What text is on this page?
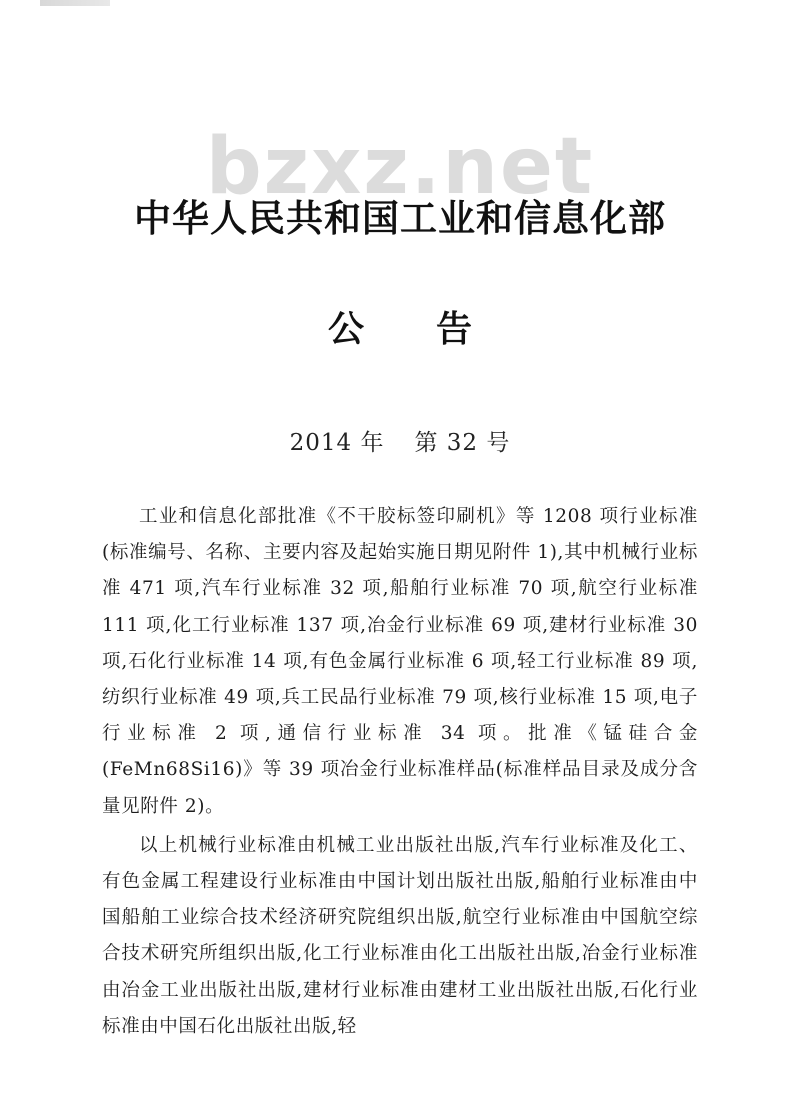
bzxz.net
中华人民共和国工业和信息化部
公告
2014 年 第 32 号

工业和信息化部批准《不干胶标签印刷机》等 1208 项行业标准(标准编号、名称、主要内容及起始实施日期见附件 1),其中机械行业标准 471 项,汽车行业标准 32 项,船舶行业标准 70 项,航空行业标准 111 项,化工行业标准 137 项,冶金行业标准 69 项,建材行业标准 30 项,石化行业标准 14 项,有色金属行业标准 6 项,轻工行业标准 89 项,纺织行业标准 49 项,兵工民品行业标准 79 项,核行业标准 15 项,电子行业标准 2 项,通信行业标准 34 项。批准《锰硅合金(FeMn68Si16)》等 39 项冶金行业标准样品(标准样品目录及成分含量见附件 2)。

以上机械行业标准由机械工业出版社出版,汽车行业标准及化工、有色金属工程建设行业标准由中国计划出版社出版,船舶行业标准由中国船舶工业综合技术经济研究院组织出版,航空行业标准由中国航空综合技术研究所组织出版,化工行业标准由化工出版社出版,冶金行业标准由冶金工业出版社出版,建材行业标准由建材工业出版社出版,石化行业标准由中国石化出版社出版,轻
